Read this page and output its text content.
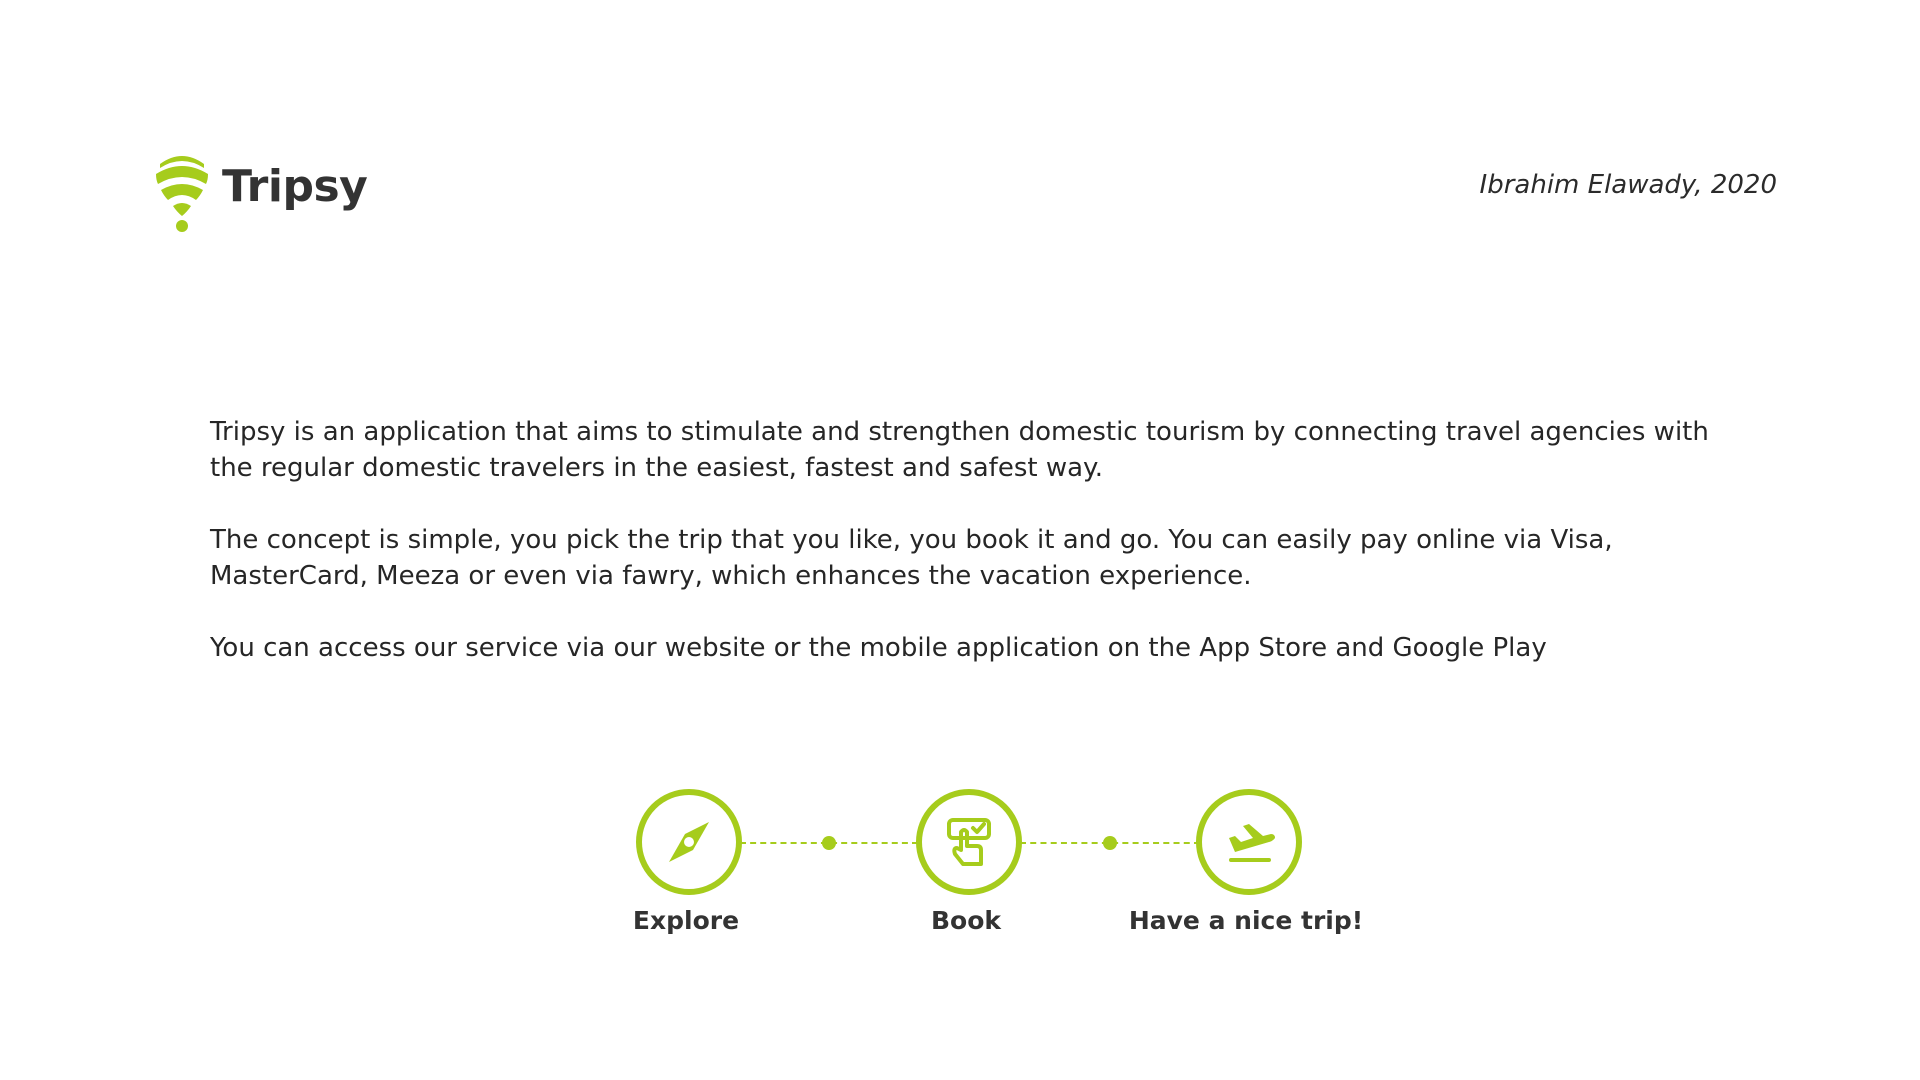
Tripsy	Ibrahim Elawady, 2020

Tripsy is an application that aims to stimulate and strengthen domestic tourism by connecting travel agencies with the regular domestic travelers in the easiest, fastest and safest way.

The concept is simple, you pick the trip that you like, you book it and go. You can easily pay online via Visa, MasterCard, Meeza or even via fawry, which enhances the vacation experience.

You can access our service via our website or the mobile application on the App Store and Google Play

Explore	Book	Have a nice trip!
